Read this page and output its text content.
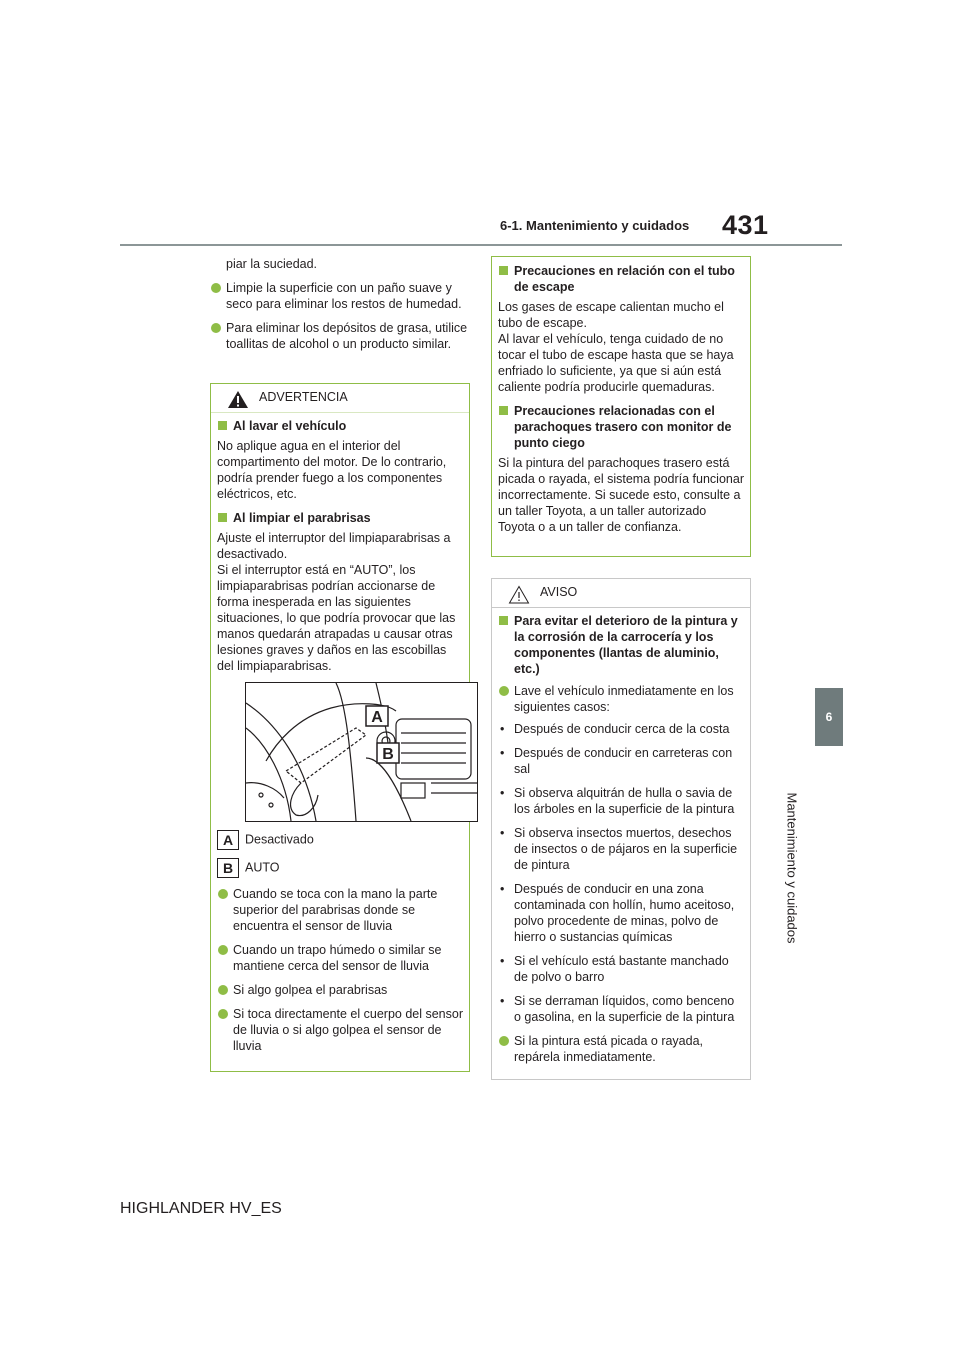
6-1. Mantenimiento y cuidados 431
6
Mantenimiento y cuidados
piar la suciedad.
Limpie la superficie con un paño suave y seco para eliminar los restos de humedad.
Para eliminar los depósitos de grasa, utilice toallitas de alcohol o un producto similar.
ADVERTENCIA
Al lavar el vehículo
No aplique agua en el interior del compartimento del motor. De lo contrario, podría prender fuego a los componentes eléctricos, etc.
Al limpiar el parabrisas
Ajuste el interruptor del limpiaparabrisas a desactivado.
Si el interruptor está en “AUTO”, los limpiaparabrisas podrían accionarse de forma inesperada en las siguientes situaciones, lo que podría provocar que las manos quedarán atrapadas u causar otras lesiones graves y daños en las escobillas del limpiaparabrisas.
A
B
A Desactivado
B AUTO
Cuando se toca con la mano la parte superior del parabrisas donde se encuentra el sensor de lluvia
Cuando un trapo húmedo o similar se mantiene cerca del sensor de lluvia
Si algo golpea el parabrisas
Si toca directamente el cuerpo del sensor de lluvia o si algo golpea el sensor de lluvia
Precauciones en relación con el tubo de escape
Los gases de escape calientan mucho el tubo de escape.
Al lavar el vehículo, tenga cuidado de no tocar el tubo de escape hasta que se haya enfriado lo suficiente, ya que si aún está caliente podría producirle quemaduras.
Precauciones relacionadas con el parachoques trasero con monitor de punto ciego
Si la pintura del parachoques trasero está picada o rayada, el sistema podría funcionar incorrectamente. Si sucede esto, consulte a un taller Toyota, a un taller autorizado Toyota o a un taller de confianza.
AVISO
Para evitar el deterioro de la pintura y la corrosión de la carrocería y los componentes (llantas de aluminio, etc.)
Lave el vehículo inmediatamente en los siguientes casos:
• Después de conducir cerca de la costa
• Después de conducir en carreteras con sal
• Si observa alquitrán de hulla o savia de los árboles en la superficie de la pintura
• Si observa insectos muertos, desechos de insectos o de pájaros en la superficie de pintura
• Después de conducir en una zona contaminada con hollín, humo aceitoso, polvo procedente de minas, polvo de hierro o sustancias químicas
• Si el vehículo está bastante manchado de polvo o barro
• Si se derraman líquidos, como benceno o gasolina, en la superficie de la pintura
Si la pintura está picada o rayada, repárela inmediatamente.
HIGHLANDER HV_ES
